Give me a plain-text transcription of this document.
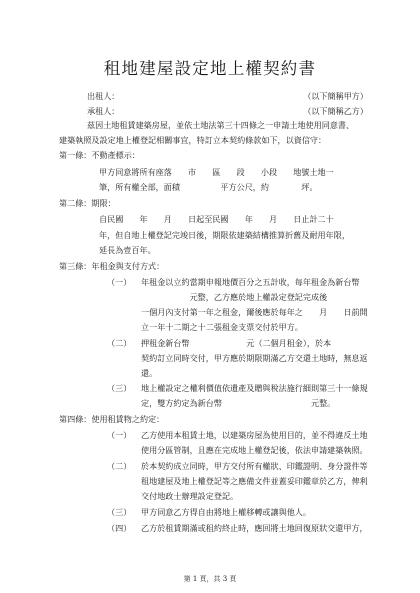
租地建屋設定地上權契約書
出租人：	（以下簡稱甲方）
承租人：	（以下簡稱乙方）
茲因土地租賃建築房屋，並依土地法第三十四條之一申請土地使用同意書、
建築執照及設定地上權登記相關事宜，特訂立本契約條款如下，以資信守：
第一條：不動產標示：
甲方同意將所有座落　　市　　區　　段　　小段　　地號土地一
筆，所有權全部，面積　　　　　平方公尺，約　　　　坪。
第二條：期限：
自民國　　年　　月　　日起至民國　　年　　月　　日止計二十
年，但自地上權登記完竣日後，期限依建築結構推算折舊及耐用年限，
延長為壹百年。
第三條：年租金與支付方式：
（一） 年租金以立約當期申報地價百分之五計收，每年租金為新台幣
　　　　　　元整，乙方應於地上權設定登記完成後
一個月內支付第一年之租金，爾後應於每年之　　月　　日前開
立一年十二期之十二張租金支票交付於甲方。
（二） 押租金新台幣　　　　　　　元（二個月租金），於本
契約訂立同時交付，甲方應於期限期滿乙方交還土地時，無息返
還。
（三） 地上權設定之權利價值依遺產及贈與稅法施行細則第三十一條規
定，雙方約定為新台幣　　　　　　　　　　　元整。
第四條：使用租賃物之約定：
（一） 乙方使用本租賃土地，以建築房屋為使用目的，並不得違反土地
使用分區管制，且應在完成地上權登記後，依法申請建築執照。
（二） 於本契約成立同時，甲方交付所有權狀、印鑑證明、身分證件等
租地建屋及地上權登記等之應備文件並蓋妥印鑑章於乙方，俾利
交付地政士辦理設定登記。
（三） 甲方同意乙方得自由將地上權移轉或讓與他人。
（四） 乙方於租賃期滿或租約終止時，應回將土地回復原狀交還甲方，
第 1 頁，共 3 頁
